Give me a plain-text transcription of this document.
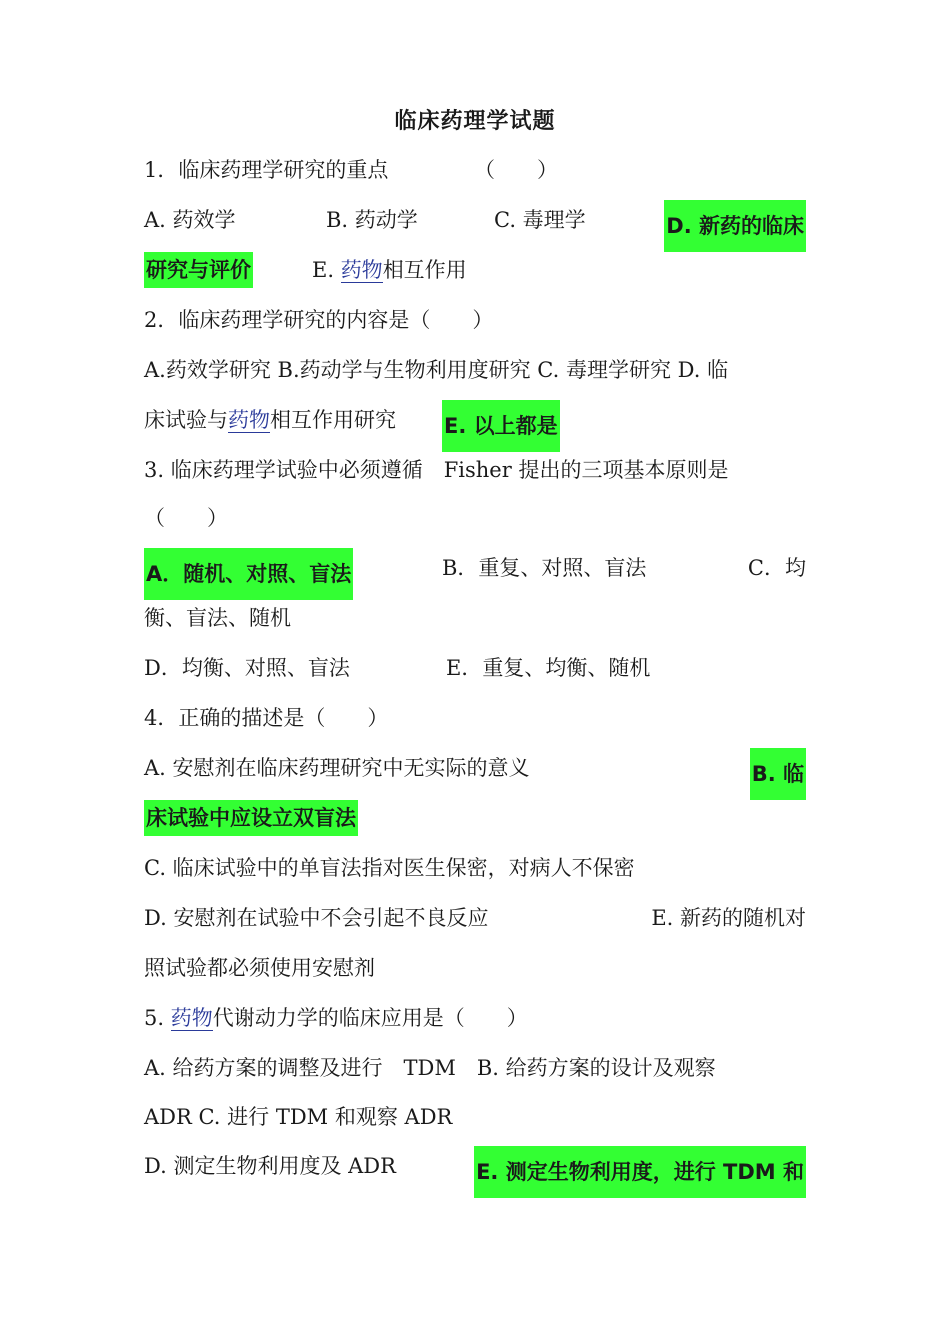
临床药理学试题
1．临床药理学研究的重点	（　　）
A. 药效学	B. 药动学	C. 毒理学	D. 新药的临床
研究与评价	E. 药物相互作用
2．临床药理学研究的内容是（　　）
A.药效学研究 B.药动学与生物利用度研究 C. 毒理学研究 D. 临
床试验与药物相互作用研究 E. 以上都是
3. 临床药理学试验中必须遵循　Fisher 提出的三项基本原则是
（　　）
A．随机、对照、盲法	B．重复、对照、盲法	C．均
衡、盲法、随机
D．均衡、对照、盲法	E．重复、均衡、随机
4．正确的描述是（　　）
A. 安慰剂在临床药理研究中无实际的意义	B. 临
床试验中应设立双盲法
C. 临床试验中的单盲法指对医生保密，对病人不保密
D. 安慰剂在试验中不会引起不良反应	E. 新药的随机对
照试验都必须使用安慰剂
5. 药物代谢动力学的临床应用是（　　）
A. 给药方案的调整及进行　TDM　B. 给药方案的设计及观察
ADR C. 进行 TDM 和观察 ADR
D. 测定生物利用度及 ADR	E. 测定生物利用度，进行 TDM 和
